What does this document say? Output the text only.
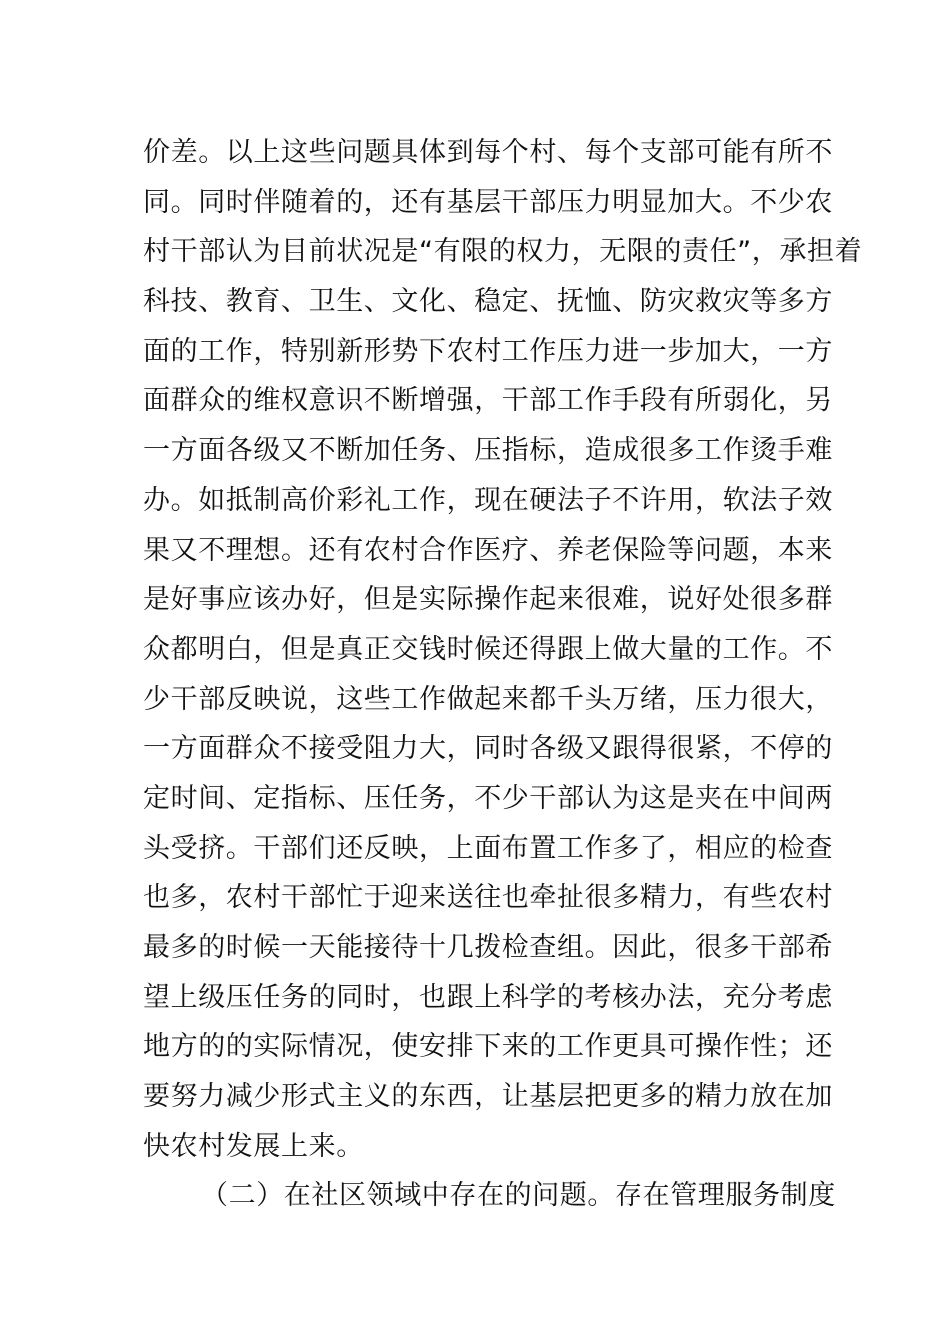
价差。以上这些问题具体到每个村、每个支部可能有所不
同。同时伴随着的，还有基层干部压力明显加大。不少农
村干部认为目前状况是“有限的权力，无限的责任”，承担着
科技、教育、卫生、文化、稳定、抚恤、防灾救灾等多方
面的工作，特别新形势下农村工作压力进一步加大，一方
面群众的维权意识不断增强，干部工作手段有所弱化，另
一方面各级又不断加任务、压指标，造成很多工作烫手难
办。如抵制高价彩礼工作，现在硬法子不许用，软法子效
果又不理想。还有农村合作医疗、养老保险等问题，本来
是好事应该办好，但是实际操作起来很难，说好处很多群
众都明白，但是真正交钱时候还得跟上做大量的工作。不
少干部反映说，这些工作做起来都千头万绪，压力很大，
一方面群众不接受阻力大，同时各级又跟得很紧，不停的
定时间、定指标、压任务，不少干部认为这是夹在中间两
头受挤。干部们还反映，上面布置工作多了，相应的检查
也多，农村干部忙于迎来送往也牵扯很多精力，有些农村
最多的时候一天能接待十几拨检查组。因此，很多干部希
望上级压任务的同时，也跟上科学的考核办法，充分考虑
地方的的实际情况，使安排下来的工作更具可操作性；还
要努力减少形式主义的东西，让基层把更多的精力放在加
快农村发展上来。
（二）在社区领域中存在的问题。存在管理服务制度
